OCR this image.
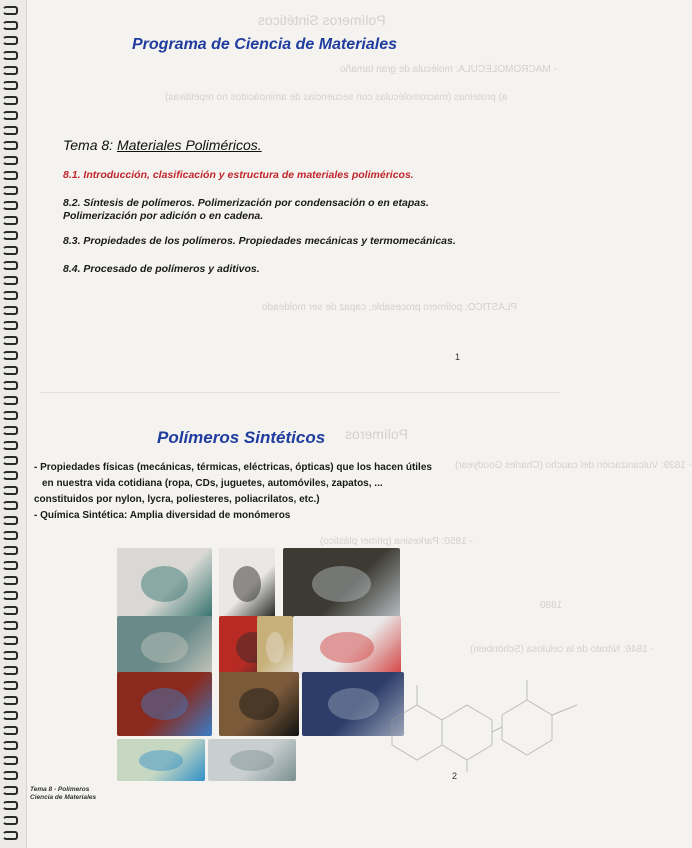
Polímeros Sintéticos
- MACROMOLÉCULA: molécula de gran tamaño
a) proteínas (macromoléculas con secuencias de aminoácidos no repetitivas)
PLÁSTICO: polímero procesable, capaz de ser moldeado
Polímeros
- 1839: Vulcanización del caucho (Charles Goodyear)
- 1850: Parkesina (primer plástico)
1880
- 1846: Nitrato de la celulosa (Schönbein)
Programa de Ciencia de Materiales
Tema 8: Materiales Poliméricos.
8.1. Introducción, clasificación y estructura de materiales poliméricos.
8.2. Síntesis de polímeros. Polimerización por condensación o en etapas.
Polimerización por adición o en cadena.
8.3. Propiedades de los polímeros. Propiedades mecánicas y termomecánicas.
8.4. Procesado de polímeros y aditivos.
1
Polímeros Sintéticos
- Propiedades físicas (mecánicas, térmicas, eléctricas, ópticas) que los hacen útiles
en nuestra vida cotidiana (ropa, CDs, juguetes, automóviles, zapatos, ...
constituidos por nylon, lycra, poliesteres, poliacrilatos, etc.)
- Química Sintética: Amplia diversidad de monómeros
2
Tema 8 - Polímeros
Ciencia de Materiales
